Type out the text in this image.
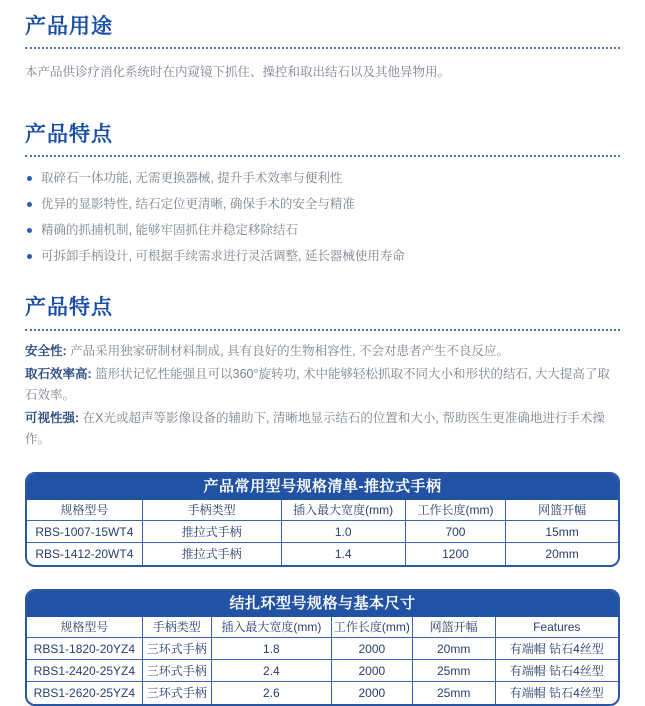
产品用途

本产品供诊疗消化系统时在内窥镜下抓住、操控和取出结石以及其他异物用。

产品特点
取碎石一体功能, 无需更换器械, 提升手术效率与便利性
优异的显影特性, 结石定位更清晰, 确保手术的安全与精准
精确的抓捕机制, 能够牢固抓住并稳定移除结石
可拆卸手柄设计, 可根据手续需求进行灵活调整, 延长器械使用寿命
产品特点

安全性: 产品采用独家研制材料制成, 具有良好的生物相容性, 不会对患者产生不良反应。

取石效率高: 篮形状记忆性能强且可以360°旋转功, 术中能够轻松抓取不同大小和形状的结石, 大大提高了取石效率。

可视性强: 在X光或超声等影像设备的辅助下, 清晰地显示结石的位置和大小, 帮助医生更准确地进行手术操作。

产品常用型号规格清单-推拉式手柄
规格型号	手柄类型	插入最大宽度(mm)	工作长度(mm)	网篮开幅
RBS-1007-15WT4	推拉式手柄	1.0	700	15mm
RBS-1412-20WT4	推拉式手柄	1.4	1200	20mm
结扎环型号规格与基本尺寸
规格型号	手柄类型	插入最大宽度(mm)	工作长度(mm)	网篮开幅	Features
RBS1-1820-20YZ4	三环式手柄	1.8	2000	20mm	有端帽 钻石4丝型
RBS1-2420-25YZ4	三环式手柄	2.4	2000	25mm	有端帽 钻石4丝型
RBS1-2620-25YZ4	三环式手柄	2.6	2000	25mm	有端帽 钻石4丝型
